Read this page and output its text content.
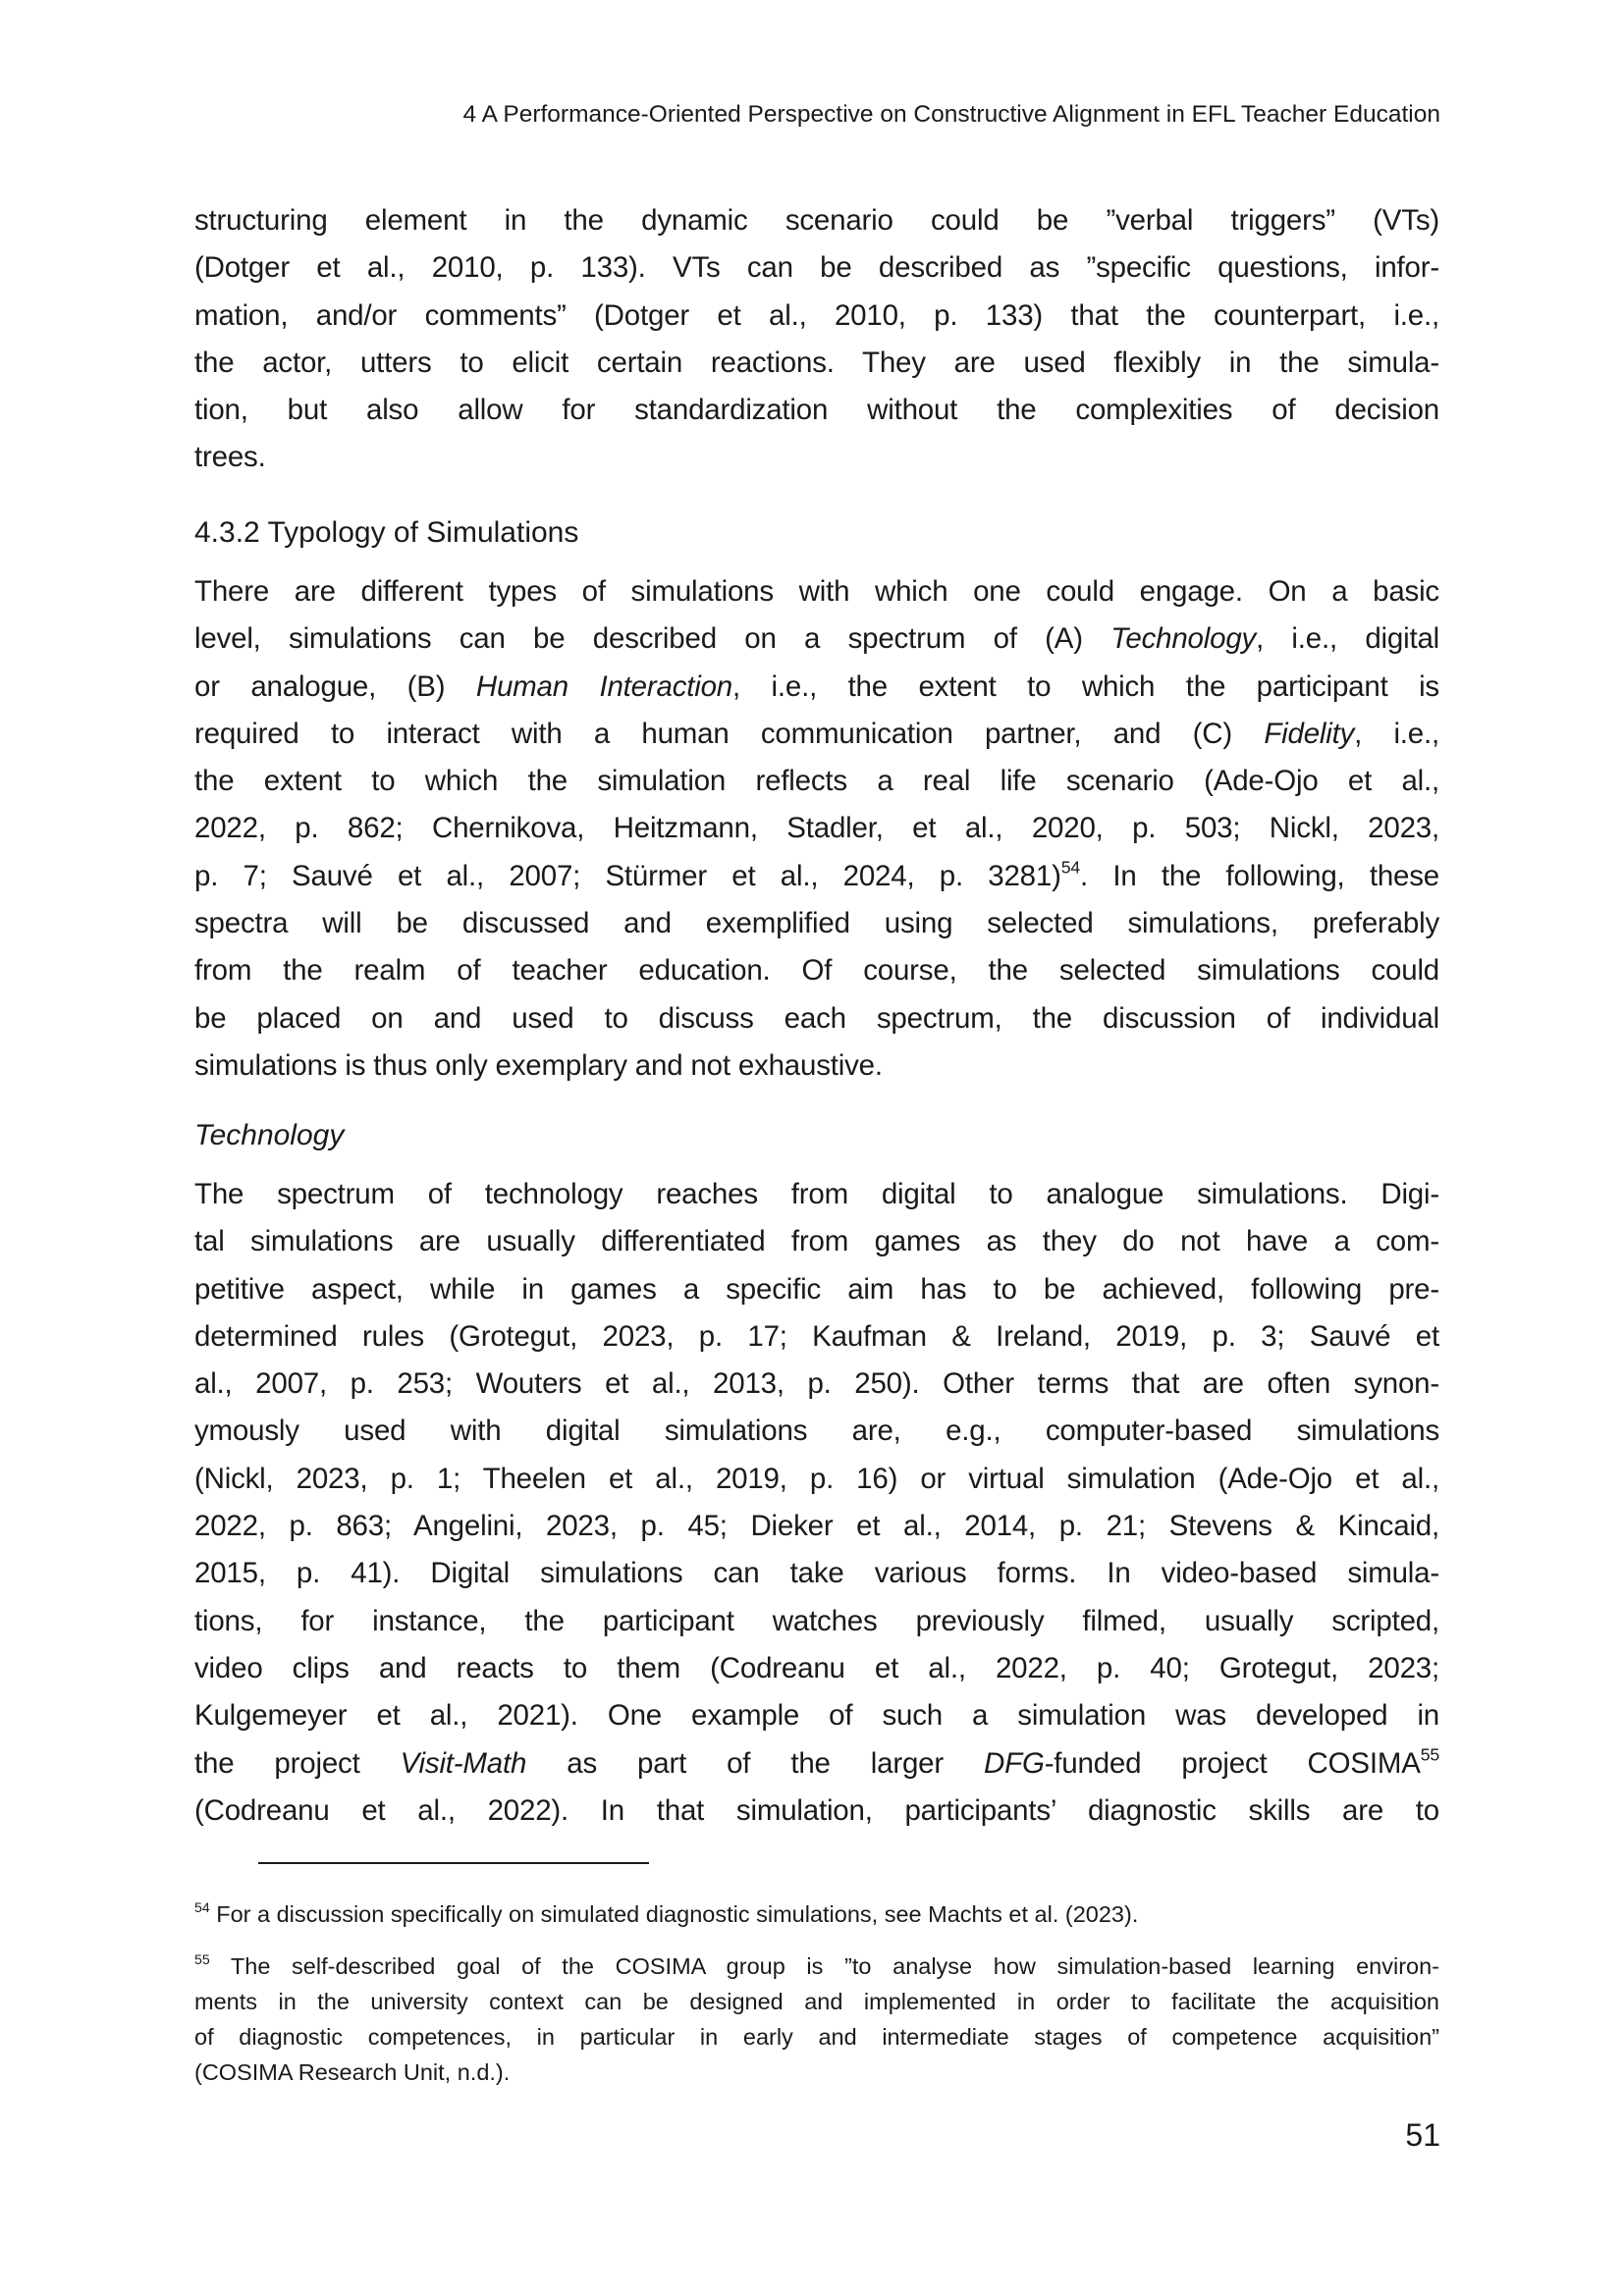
4 A Performance-Oriented Perspective on Constructive Alignment in EFL Teacher Education
structuring element in the dynamic scenario could be ”verbal triggers” (VTs)
(Dotger et al., 2010, p. 133). VTs can be described as ”specific questions, infor-
mation, and/or comments” (Dotger et al., 2010, p. 133) that the counterpart, i.e.,
the actor, utters to elicit certain reactions. They are used flexibly in the simula-
tion, but also allow for standardization without the complexities of decision
trees.
4.3.2 Typology of Simulations
There are different types of simulations with which one could engage. On a basic
level, simulations can be described on a spectrum of (A) Technology, i.e., digital
or analogue, (B) Human Interaction, i.e., the extent to which the participant is
required to interact with a human communication partner, and (C) Fidelity, i.e.,
the extent to which the simulation reflects a real life scenario (Ade-Ojo et al.,
2022, p. 862; Chernikova, Heitzmann, Stadler, et al., 2020, p. 503; Nickl, 2023,
p. 7; Sauvé et al., 2007; Stürmer et al., 2024, p. 3281)$^{54}$. In the following, these
spectra will be discussed and exemplified using selected simulations, preferably
from the realm of teacher education. Of course, the selected simulations could
be placed on and used to discuss each spectrum, the discussion of individual
simulations is thus only exemplary and not exhaustive.
Technology
The spectrum of technology reaches from digital to analogue simulations. Digi-
tal simulations are usually differentiated from games as they do not have a com-
petitive aspect, while in games a specific aim has to be achieved, following pre-
determined rules (Grotegut, 2023, p. 17; Kaufman & Ireland, 2019, p. 3; Sauvé et
al., 2007, p. 253; Wouters et al., 2013, p. 250). Other terms that are often synon-
ymously used with digital simulations are, e.g., computer-based simulations
(Nickl, 2023, p. 1; Theelen et al., 2019, p. 16) or virtual simulation (Ade-Ojo et al.,
2022, p. 863; Angelini, 2023, p. 45; Dieker et al., 2014, p. 21; Stevens & Kincaid,
2015, p. 41). Digital simulations can take various forms. In video-based simula-
tions, for instance, the participant watches previously filmed, usually scripted,
video clips and reacts to them (Codreanu et al., 2022, p. 40; Grotegut, 2023;
Kulgemeyer et al., 2021). One example of such a simulation was developed in
the project Visit-Math as part of the larger DFG-funded project COSIMA$^{55}$
(Codreanu et al., 2022). In that simulation, participants’ diagnostic skills are to
$^{54}$ For a discussion specifically on simulated diagnostic simulations, see Machts et al. (2023).
$^{55}$ The self-described goal of the COSIMA group is ”to analyse how simulation-based learning environ-
ments in the university context can be designed and implemented in order to facilitate the acquisition
of diagnostic competences, in particular in early and intermediate stages of competence acquisition”
(COSIMA Research Unit, n.d.).
51
